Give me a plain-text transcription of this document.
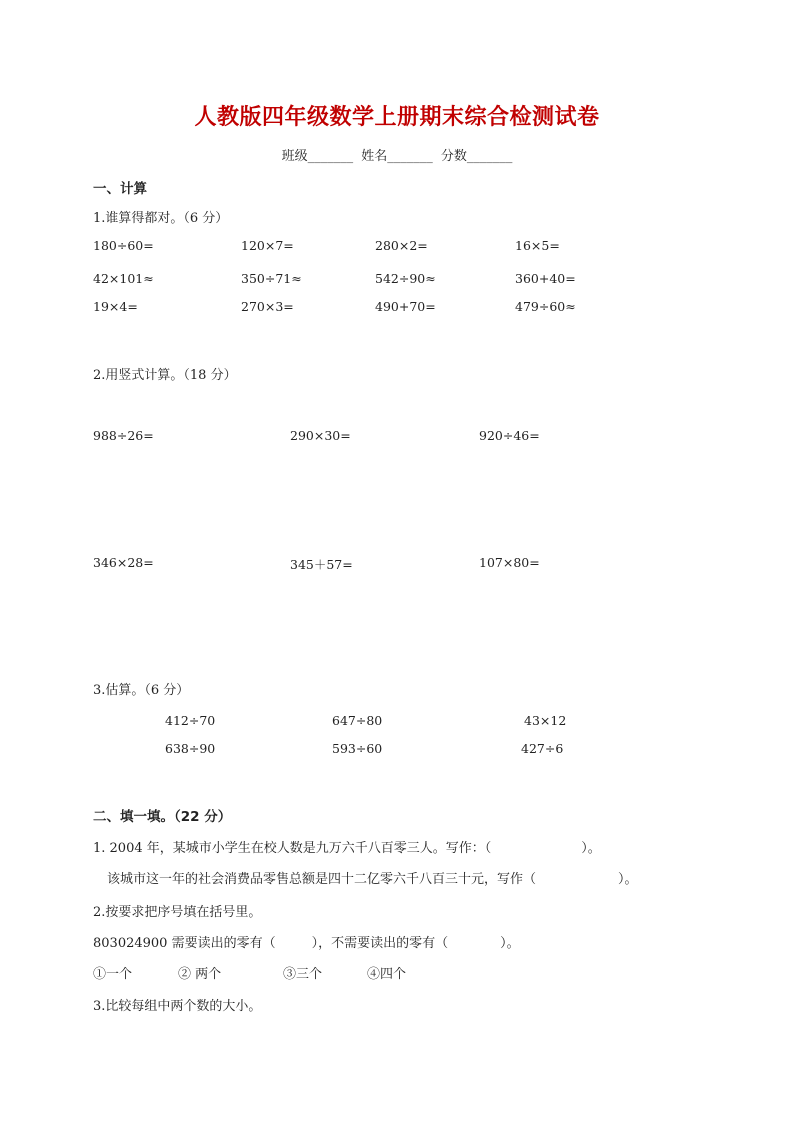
人教版四年级数学上册期末综合检测试卷
班级_______ 姓名_______ 分数_______
一、计算
1.谁算得都对。（6 分）
180÷60=	120×7=	280×2=	16×5=
42×101≈	350÷71≈	542÷90≈	360+40=
19×4=	270×3=	490+70=	479÷60≈
2.用竖式计算。（18 分）
988÷26=	290×30=	920÷46=
346×28=	345＋57=	107×80=
3.估算。（6 分）
412÷70	647÷80	43×12
638÷90	593÷60	427÷6
二、填一填。（22 分）
1. 2004 年，某城市小学生在校人数是九万六千八百零三人。写作：（	）。
该城市这一年的社会消费品零售总额是四十二亿零六千八百三十元，写作（	）。
2.按要求把序号填在括号里。
803024900 需要读出的零有（	），不需要读出的零有（	）。
①一个	② 两个	③三个	④四个
3.比较每组中两个数的大小。
